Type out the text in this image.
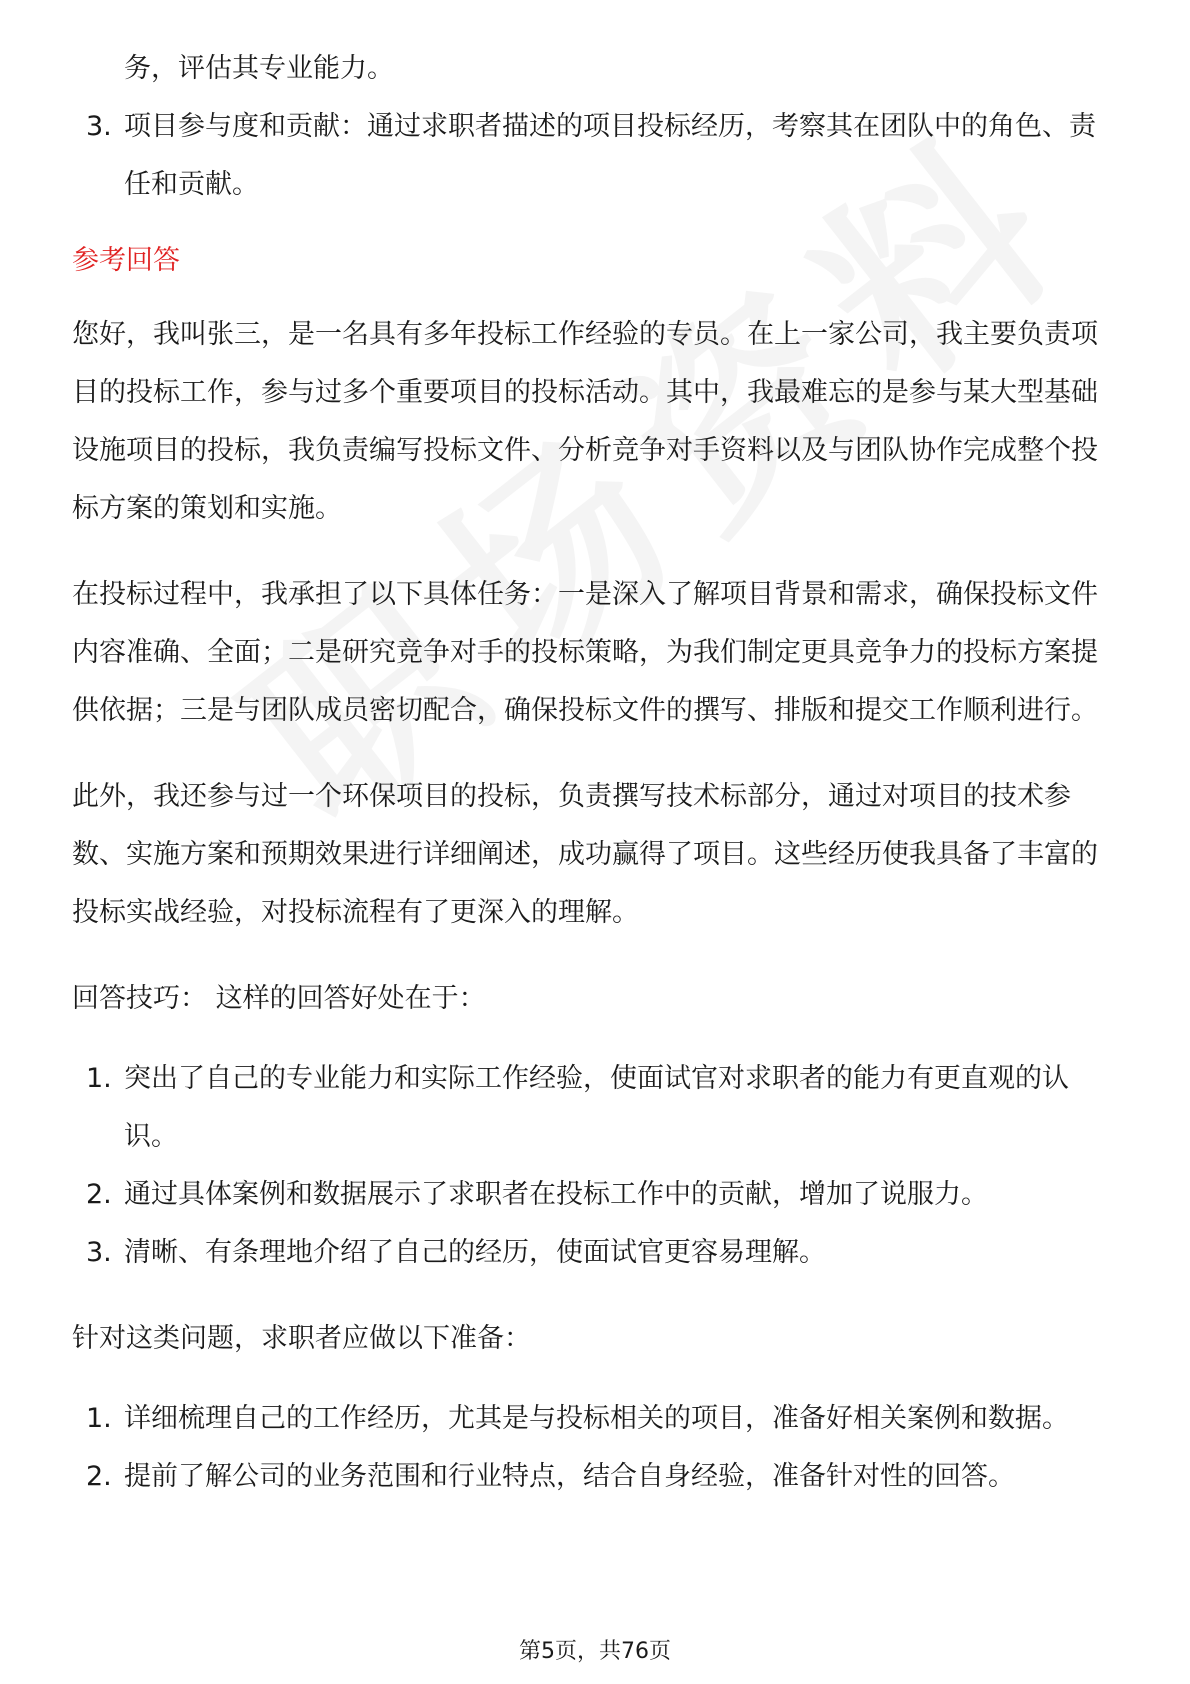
务，评估其专业能力。

3. 项目参与度和贡献：通过求职者描述的项目投标经历，考察其在团队中的角色、责任和贡献。

参考回答

您好，我叫张三，是一名具有多年投标工作经验的专员。在上一家公司，我主要负责项目的投标工作，参与过多个重要项目的投标活动。其中，我最难忘的是参与某大型基础设施项目的投标，我负责编写投标文件、分析竞争对手资料以及与团队协作完成整个投标方案的策划和实施。

在投标过程中，我承担了以下具体任务：一是深入了解项目背景和需求，确保投标文件内容准确、全面；二是研究竞争对手的投标策略，为我们制定更具竞争力的投标方案提供依据；三是与团队成员密切配合，确保投标文件的撰写、排版和提交工作顺利进行。

此外，我还参与过一个环保项目的投标，负责撰写技术标部分，通过对项目的技术参数、实施方案和预期效果进行详细阐述，成功赢得了项目。这些经历使我具备了丰富的投标实战经验，对投标流程有了更深入的理解。

回答技巧： 这样的回答好处在于：

1. 突出了自己的专业能力和实际工作经验，使面试官对求职者的能力有更直观的认识。
2. 通过具体案例和数据展示了求职者在投标工作中的贡献，增加了说服力。
3. 清晰、有条理地介绍了自己的经历，使面试官更容易理解。

针对这类问题，求职者应做以下准备：

1. 详细梳理自己的工作经历，尤其是与投标相关的项目，准备好相关案例和数据。
2. 提前了解公司的业务范围和行业特点，结合自身经验，准备针对性的回答。
第5页，共76页
